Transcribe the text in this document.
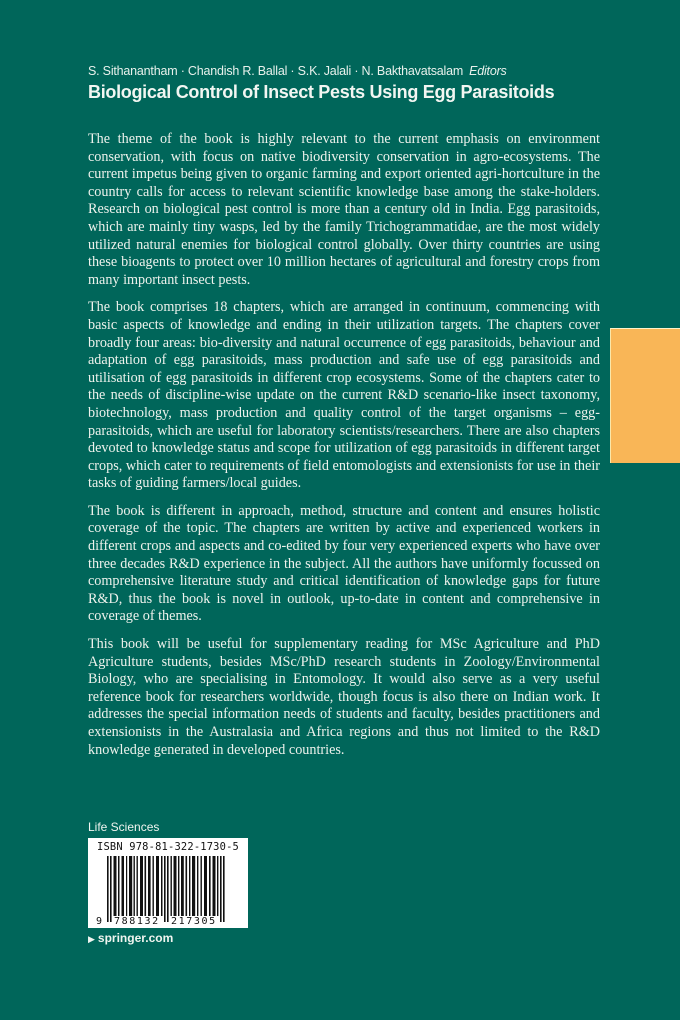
S. Sithanantham · Chandish R. Ballal · S.K. Jalali · N. Bakthavatsalam Editors
Biological Control of Insect Pests Using Egg Parasitoids

The theme of the book is highly relevant to the current emphasis on environment conservation, with focus on native biodiversity conservation in agro-ecosystems. The current impetus being given to organic farming and export oriented agri-hortculture in the country calls for access to relevant scientific knowledge base among the stake-holders. Research on biological pest control is more than a century old in India. Egg parasitoids, which are mainly tiny wasps, led by the family Trichogrammatidae, are the most widely utilized natural enemies for biological control globally. Over thirty countries are using these bioagents to protect over 10 million hectares of agricultural and forestry crops from many important insect pests.

The book comprises 18 chapters, which are arranged in continuum, commencing with basic aspects of knowledge and ending in their utilization targets. The chapters cover broadly four areas: bio-diversity and natural occurrence of egg parasitoids, behaviour and adaptation of egg parasitoids, mass production and safe use of egg parasitoids and utilisation of egg parasitoids in different crop ecosystems. Some of the chapters cater to the needs of discipline-wise update on the current R&D scenario-like insect taxonomy, biotechnology, mass production and quality control of the target organisms – egg-parasitoids, which are useful for laboratory scientists/researchers. There are also chapters devoted to knowledge status and scope for utilization of egg parasitoids in different target crops, which cater to requirements of field entomologists and extensionists for use in their tasks of guiding farmers/local guides.

The book is different in approach, method, structure and content and ensures holistic coverage of the topic. The chapters are written by active and experienced workers in different crops and aspects and co-edited by four very experienced experts who have over three decades R&D experience in the subject. All the authors have uniformly focussed on comprehensive literature study and critical identification of knowledge gaps for future R&D, thus the book is novel in outlook, up-to-date in content and comprehensive in coverage of themes.

This book will be useful for supplementary reading for MSc Agriculture and PhD Agriculture students, besides MSc/PhD research students in Zoology/Environmental Biology, who are specialising in Entomology. It would also serve as a very useful reference book for researchers worldwide, though focus is also there on Indian work. It addresses the special information needs of students and faculty, besides practitioners and extensionists in the Australasia and Africa regions and thus not limited to the R&D knowledge generated in developed countries.

Life Sciences
ISBN 978-81-322-1730-5
9 788132 217305
▶ springer.com
